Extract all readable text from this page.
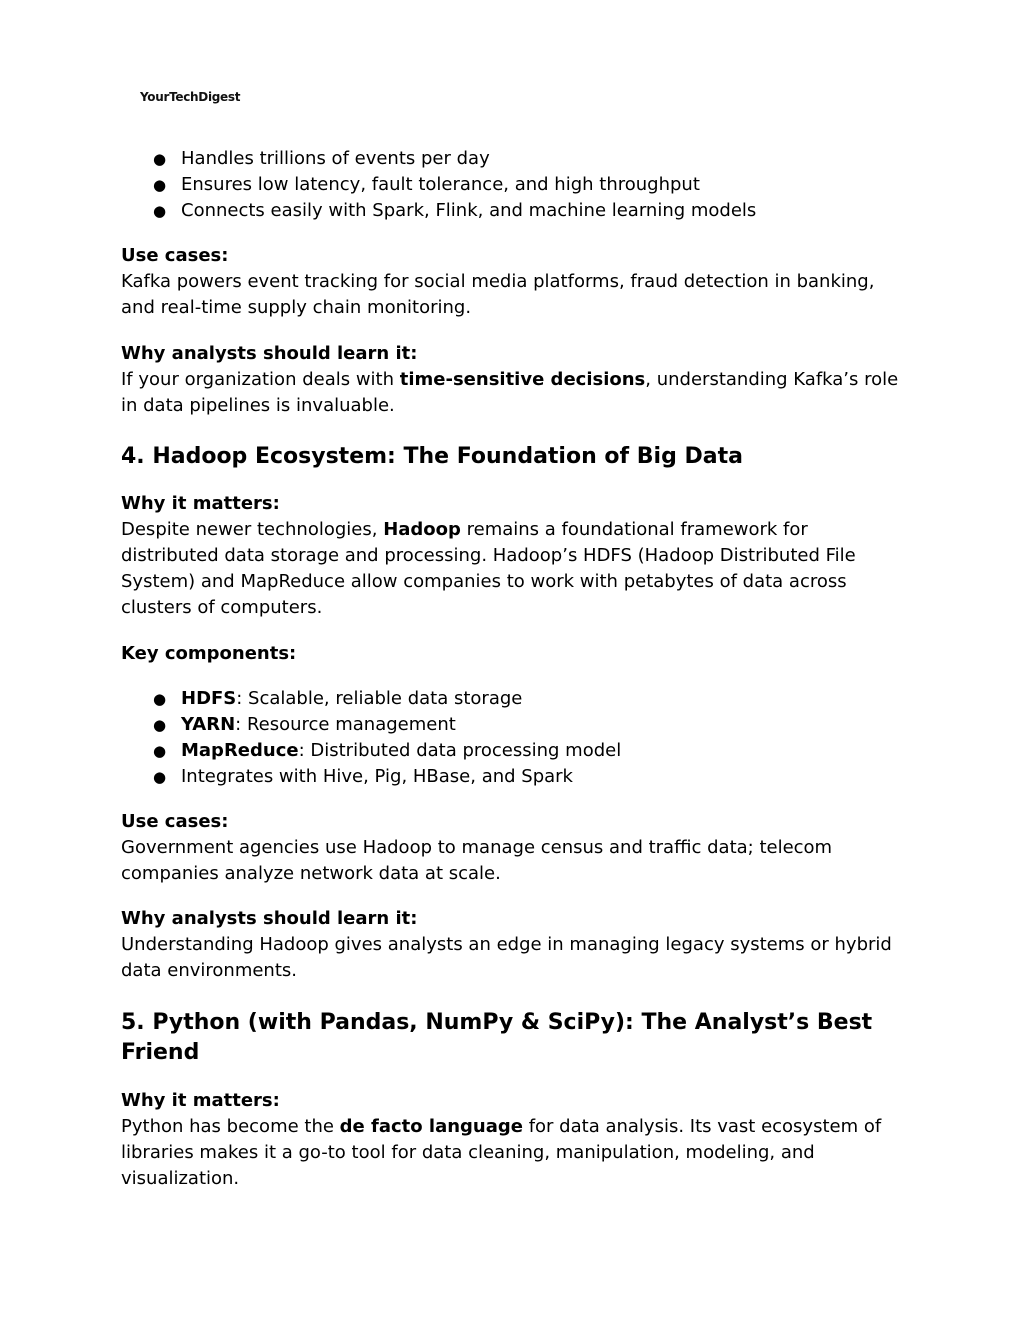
YourTechDigest
● Handles trillions of events per day
● Ensures low latency, fault tolerance, and high throughput
● Connects easily with Spark, Flink, and machine learning models
Use cases:
Kafka powers event tracking for social media platforms, fraud detection in banking, and real-time supply chain monitoring.
Why analysts should learn it:
If your organization deals with time-sensitive decisions, understanding Kafka’s role in data pipelines is invaluable.
4. Hadoop Ecosystem: The Foundation of Big Data
Why it matters:
Despite newer technologies, Hadoop remains a foundational framework for distributed data storage and processing. Hadoop’s HDFS (Hadoop Distributed File System) and MapReduce allow companies to work with petabytes of data across clusters of computers.
Key components:
● HDFS: Scalable, reliable data storage
● YARN: Resource management
● MapReduce: Distributed data processing model
● Integrates with Hive, Pig, HBase, and Spark
Use cases:
Government agencies use Hadoop to manage census and traffic data; telecom companies analyze network data at scale.
Why analysts should learn it:
Understanding Hadoop gives analysts an edge in managing legacy systems or hybrid data environments.
5. Python (with Pandas, NumPy & SciPy): The Analyst’s Best Friend
Why it matters:
Python has become the de facto language for data analysis. Its vast ecosystem of libraries makes it a go-to tool for data cleaning, manipulation, modeling, and visualization.
